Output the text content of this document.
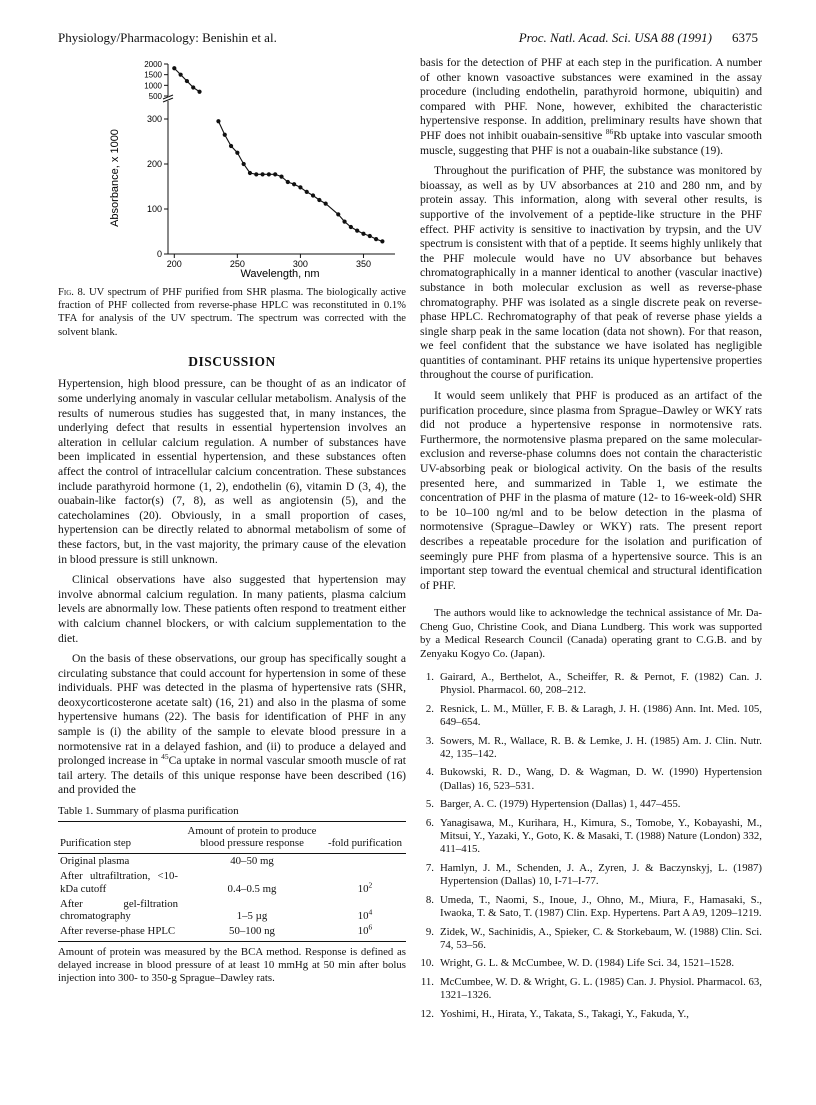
Physiology/Pharmacology: Benishin et al.	Proc. Natl. Acad. Sci. USA 88 (1991) 6375
Absorbance, x 1000
Wavelength, nm
200	250	300	350
0
100
200
300
500
1000
1500
2000
Fig. 8. UV spectrum of PHF purified from SHR plasma. The biologically active fraction of PHF collected from reverse-phase HPLC was reconstituted in 0.1% TFA for analysis of the UV spectrum. The spectrum was corrected with the solvent blank.
DISCUSSION

Hypertension, high blood pressure, can be thought of as an indicator of some underlying anomaly in vascular cellular metabolism. Analysis of the results of numerous studies has suggested that, in many instances, the underlying defect that results in essential hypertension involves an alteration in cellular calcium regulation. A number of substances have been implicated in essential hypertension, and these substances often affect the control of intracellular calcium concentration. These substances include parathyroid hormone (1, 2), endothelin (6), vitamin D (3, 4), the ouabain-like factor(s) (7, 8), as well as angiotensin (5), and the catecholamines (20). Obviously, in a small proportion of cases, hypertension can be directly related to abnormal metabolism of some of these factors, but, in the vast majority, the primary cause of the elevation in blood pressure is still unknown.

Clinical observations have also suggested that hypertension may involve abnormal calcium regulation. In many patients, plasma calcium levels are abnormally low. These patients often respond to treatment either with calcium channel blockers, or with calcium supplementation to the diet.

On the basis of these observations, our group has specifically sought a circulating substance that could account for hypertension in some of these individuals. PHF was detected in the plasma of hypertensive rats (SHR, deoxycorticosterone acetate salt) (16, 21) and also in the plasma of some hypertensive humans (22). The basis for identification of PHF in any sample is (i) the ability of the sample to elevate blood pressure in a normotensive rat in a delayed fashion, and (ii) to produce a delayed and prolonged increase in $^{45}$Ca uptake in normal vascular smooth muscle of rat tail artery. The details of this unique response have been described (16) and provided the

Table 1. Summary of plasma purification
Purification step	Amount of protein to produce blood pressure response	-fold purification
Original plasma	40–50 mg	
After ultrafiltration, <10-kDa cutoff	0.4–0.5 mg	$10^2$
After gel-filtration chromatography	1–5 µg	$10^4$
After reverse-phase HPLC	50–100 ng	$10^6$
Amount of protein was measured by the BCA method. Response is defined as delayed increase in blood pressure of at least 10 mmHg at 50 min after bolus injection into 300- to 350-g Sprague–Dawley rats.

basis for the detection of PHF at each step in the purification. A number of other known vasoactive substances were examined in the assay procedure (including endothelin, parathyroid hormone, ubiquitin) and compared with PHF. None, however, exhibited the characteristic hypertensive response. In addition, preliminary results have shown that PHF does not inhibit ouabain-sensitive $^{86}$Rb uptake into vascular smooth muscle, suggesting that PHF is not a ouabain-like substance (19).

Throughout the purification of PHF, the substance was monitored by bioassay, as well as by UV absorbances at 210 and 280 nm, and by protein assay. This information, along with several other results, is supportive of the involvement of a peptide-like structure in the PHF effect. PHF activity is sensitive to inactivation by trypsin, and the UV spectrum is consistent with that of a peptide. It seems highly unlikely that the PHF molecule would have no UV absorbance but behaves chromatographically in a manner identical to another (vascular inactive) substance in both molecular exclusion as well as reverse-phase chromatography. PHF was isolated as a single discrete peak on reverse-phase HPLC. Rechromatography of that peak of reverse phase yields a single sharp peak in the same location (data not shown). For that reason, we feel confident that the substance we have isolated has negligible quantities of contaminant. PHF retains its unique hypertensive properties throughout the course of purification.

It would seem unlikely that PHF is produced as an artifact of the purification procedure, since plasma from Sprague–Dawley or WKY rats did not produce a hypertensive response in normotensive rats. Furthermore, the normotensive plasma prepared on the same molecular-exclusion and reverse-phase columns does not contain the characteristic UV-absorbing peak or biological activity. On the basis of the results presented here, and summarized in Table 1, we estimate the concentration of PHF in the plasma of mature (12- to 16-week-old) SHR to be 10–100 ng/ml and to be below detection in the plasma of normotensive (Sprague–Dawley or WKY) rats. The present report describes a repeatable procedure for the isolation and purification of seemingly pure PHF from plasma of a hypertensive source. This is an important step toward the eventual chemical and structural identification of PHF.

The authors would like to acknowledge the technical assistance of Mr. Da-Cheng Guo, Christine Cook, and Diana Lundberg. This work was supported by a Medical Research Council (Canada) operating grant to C.G.B. and by Zenyaku Kogyo Co. (Japan).

1. Gairard, A., Berthelot, A., Scheiffer, R. & Pernot, F. (1982) Can. J. Physiol. Pharmacol. 60, 208–212.
2. Resnick, L. M., Müller, F. B. & Laragh, J. H. (1986) Ann. Int. Med. 105, 649–654.
3. Sowers, M. R., Wallace, R. B. & Lemke, J. H. (1985) Am. J. Clin. Nutr. 42, 135–142.
4. Bukowski, R. D., Wang, D. & Wagman, D. W. (1990) Hypertension (Dallas) 16, 523–531.
5. Barger, A. C. (1979) Hypertension (Dallas) 1, 447–455.
6. Yanagisawa, M., Kurihara, H., Kimura, S., Tomobe, Y., Kobayashi, M., Mitsui, Y., Yazaki, Y., Goto, K. & Masaki, T. (1988) Nature (London) 332, 411–415.
7. Hamlyn, J. M., Schenden, J. A., Zyren, J. & Baczynskyj, L. (1987) Hypertension (Dallas) 10, I-71–I-77.
8. Umeda, T., Naomi, S., Inoue, J., Ohno, M., Miura, F., Hamasaki, S., Iwaoka, T. & Sato, T. (1987) Clin. Exp. Hypertens. Part A A9, 1209–1219.
9. Zidek, W., Sachinidis, A., Spieker, C. & Storkebaum, W. (1988) Clin. Sci. 74, 53–56.
10. Wright, G. L. & McCumbee, W. D. (1984) Life Sci. 34, 1521–1528.
11. McCumbee, W. D. & Wright, G. L. (1985) Can. J. Physiol. Pharmacol. 63, 1321–1326.
12. Yoshimi, H., Hirata, Y., Takata, S., Takagi, Y., Fakuda, Y.,
